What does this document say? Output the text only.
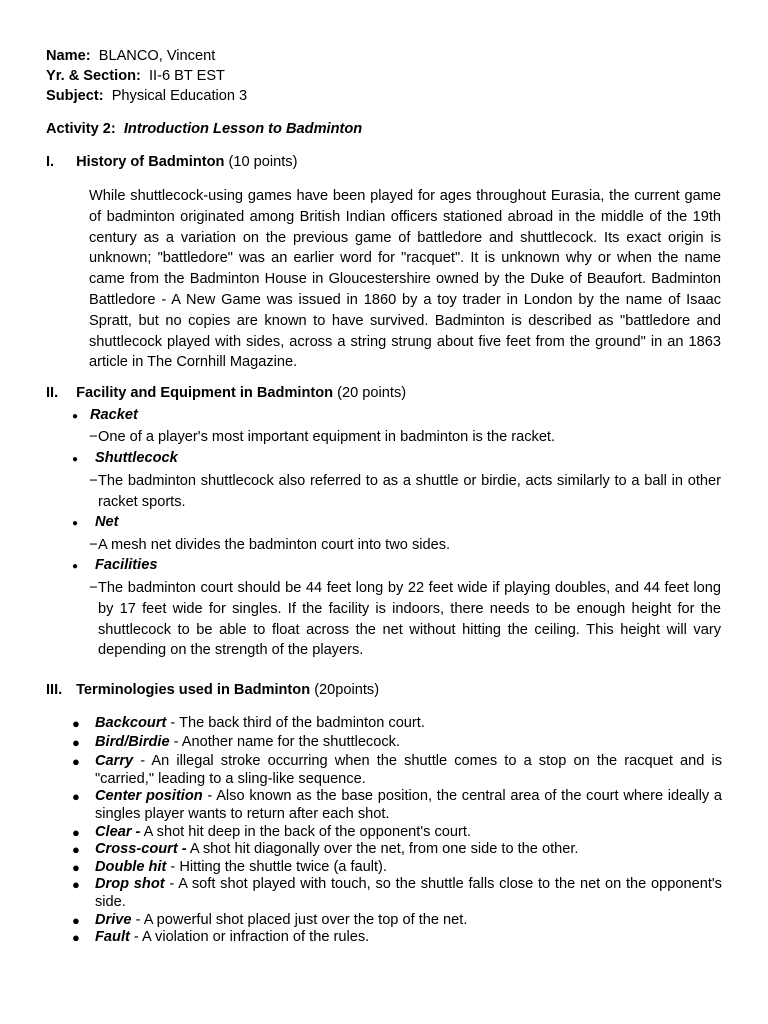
Name: BLANCO, Vincent
Yr. & Section: II-6 BT EST
Subject: Physical Education 3
Activity 2: Introduction Lesson to Badminton
I. History of Badminton (10 points)
While shuttlecock-using games have been played for ages throughout Eurasia, the current game of badminton originated among British Indian officers stationed abroad in the middle of the 19th century as a variation on the previous game of battledore and shuttlecock. Its exact origin is unknown; "battledore" was an earlier word for "racquet". It is unknown why or when the name came from the Badminton House in Gloucestershire owned by the Duke of Beaufort. Badminton Battledore - A New Game was issued in 1860 by a toy trader in London by the name of Isaac Spratt, but no copies are known to have survived. Badminton is described as "battledore and shuttlecock played with sides, across a string strung about five feet from the ground" in an 1863 article in The Cornhill Magazine.
II. Facility and Equipment in Badminton (20 points)
● Racket
− One of a player's most important equipment in badminton is the racket.
● Shuttlecock
− The badminton shuttlecock also referred to as a shuttle or birdie, acts similarly to a ball in other racket sports.
● Net
− A mesh net divides the badminton court into two sides.
● Facilities
− The badminton court should be 44 feet long by 22 feet wide if playing doubles, and 44 feet long by 17 feet wide for singles. If the facility is indoors, there needs to be enough height for the shuttlecock to be able to float across the net without hitting the ceiling. This height will vary depending on the strength of the players.
III. Terminologies used in Badminton (20points)
● Backcourt - The back third of the badminton court.
● Bird/Birdie - Another name for the shuttlecock.
● Carry - An illegal stroke occurring when the shuttle comes to a stop on the racquet and is "carried," leading to a sling-like sequence.
● Center position - Also known as the base position, the central area of the court where ideally a singles player wants to return after each shot.
● Clear - A shot hit deep in the back of the opponent's court.
● Cross-court - A shot hit diagonally over the net, from one side to the other.
● Double hit - Hitting the shuttle twice (a fault).
● Drop shot - A soft shot played with touch, so the shuttle falls close to the net on the opponent's side.
● Drive - A powerful shot placed just over the top of the net.
● Fault - A violation or infraction of the rules.
